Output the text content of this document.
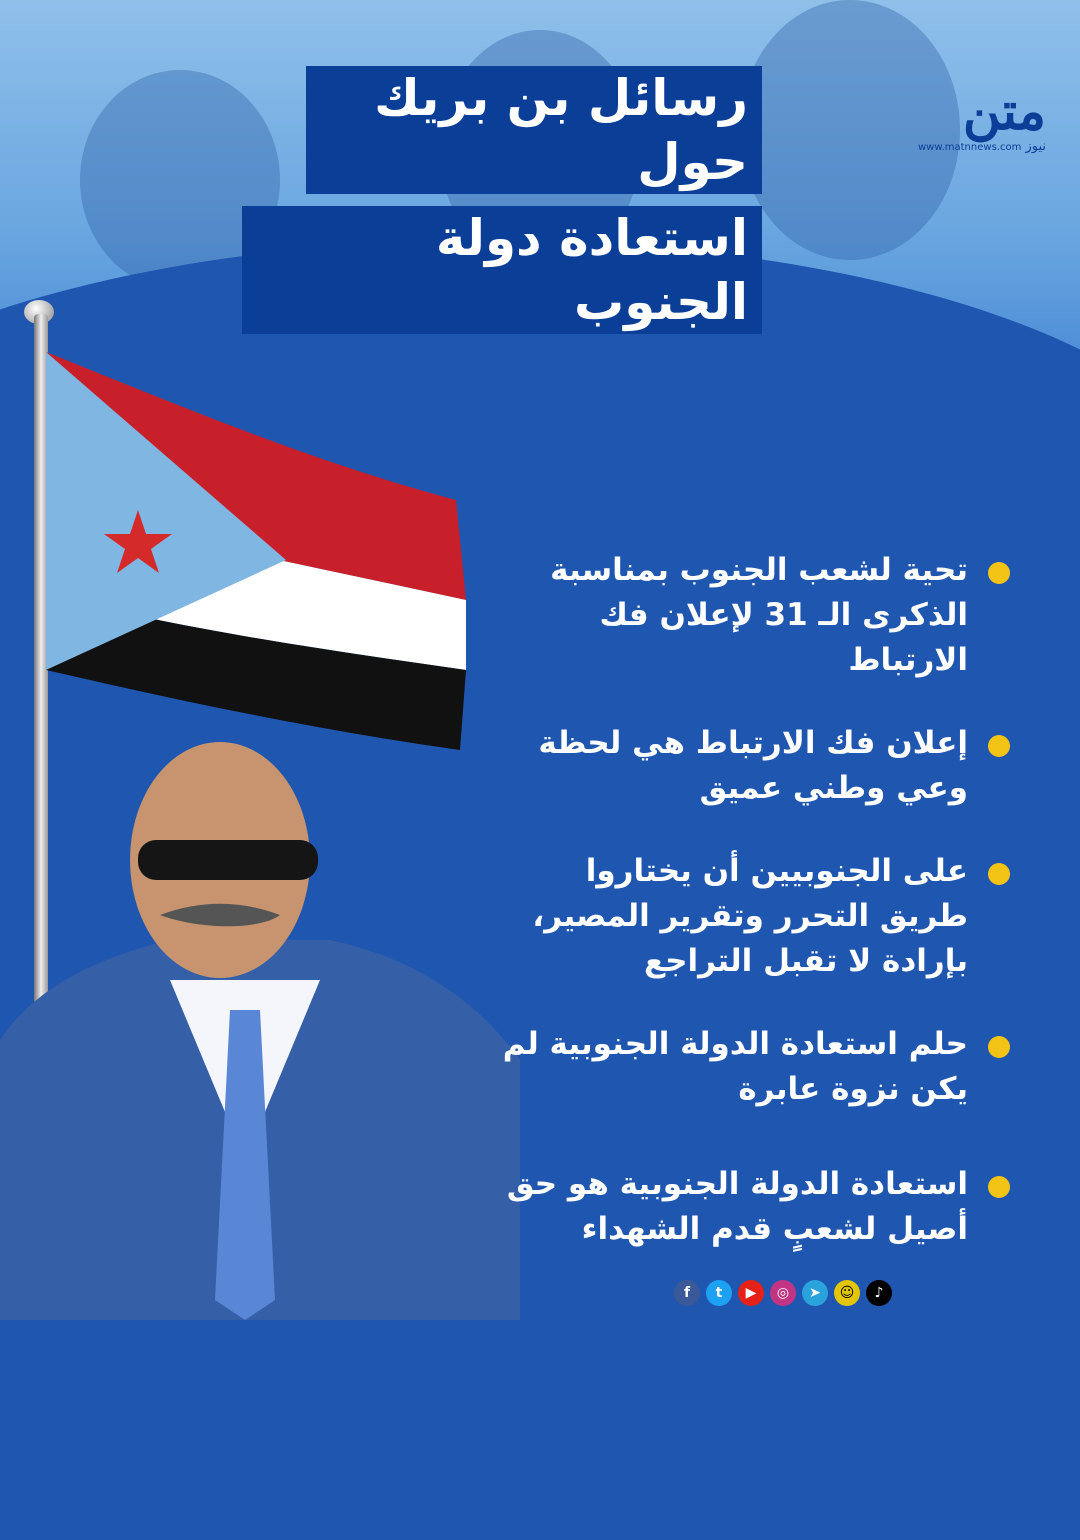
رسائل بن بريك حول
استعادة دولة الجنوب
متن
نيوز www.matnnews.com
تحية لشعب الجنوب بمناسبة الذكرى الـ 31 لإعلان فك الارتباط
إعلان فك الارتباط هي لحظة وعي وطني عميق
على الجنوبيين أن يختاروا طريق التحرر وتقرير المصير، بإرادة لا تقبل التراجع
حلم استعادة الدولة الجنوبية لم يكن نزوة عابرة
استعادة الدولة الجنوبية هو حق أصيل لشعبٍ قدم الشهداء
f t ▶ ◎ ➤ ☺ ♪
